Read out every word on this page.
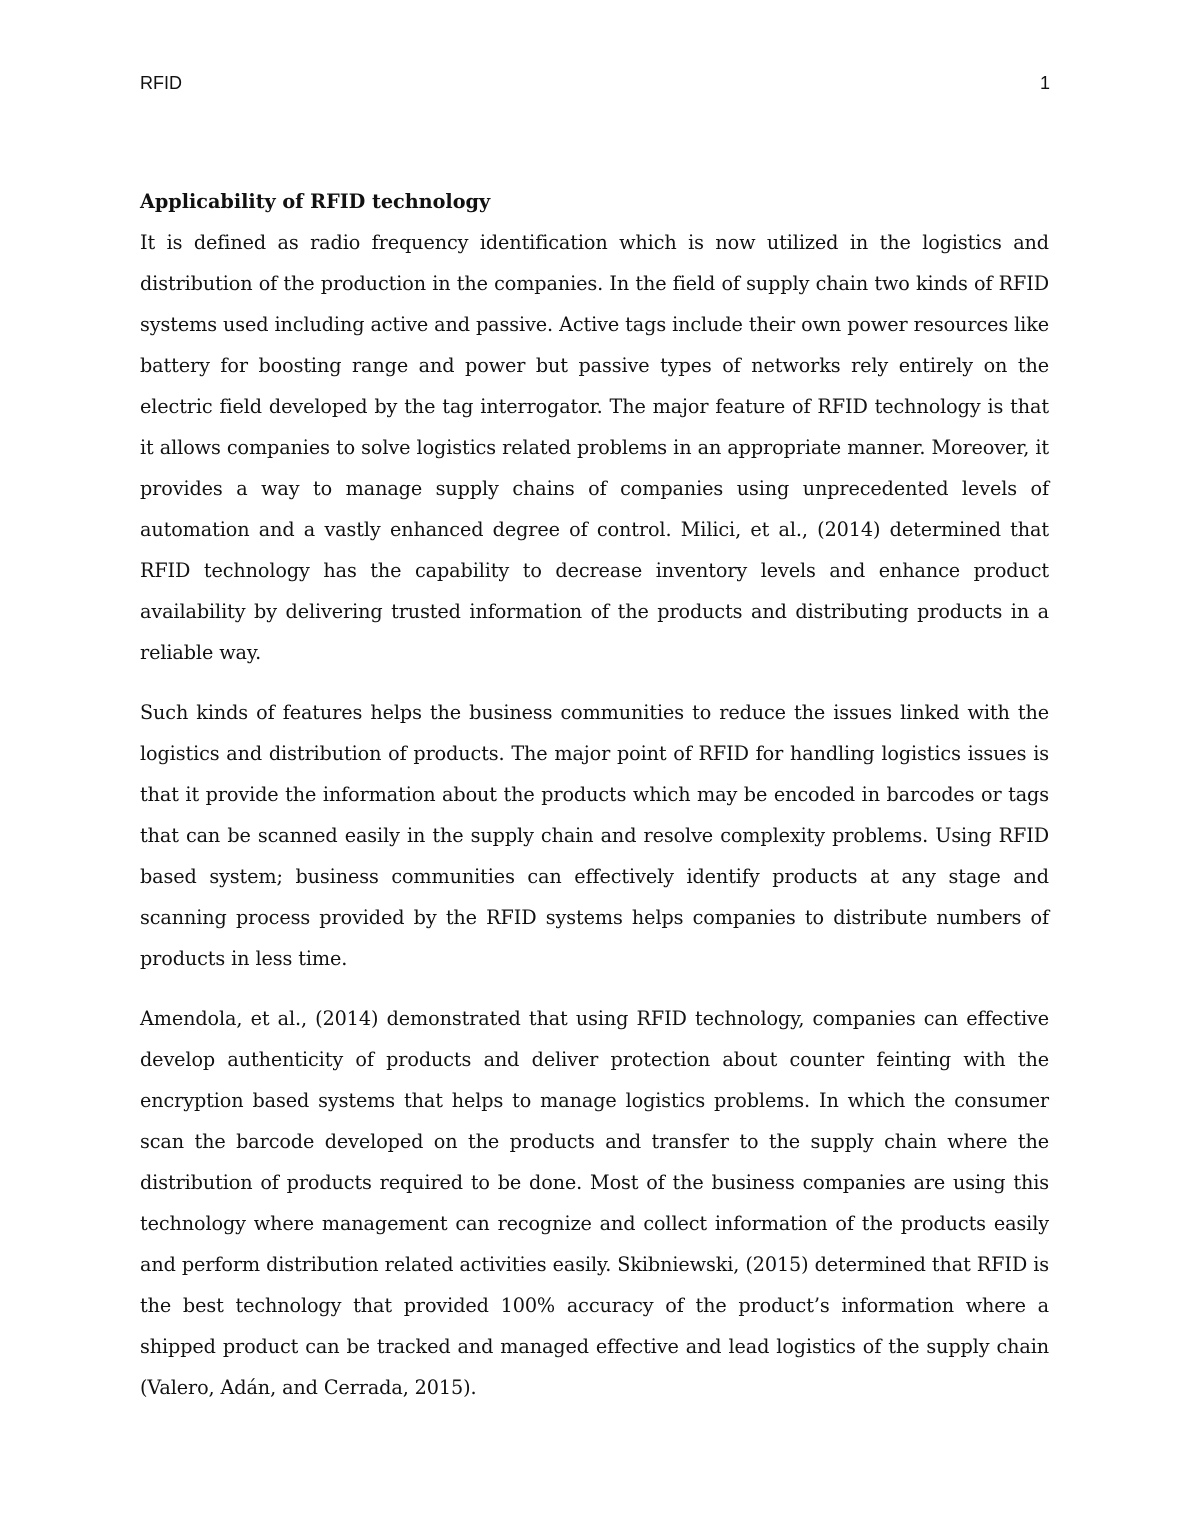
RFID	1
Applicability of RFID technology

It is defined as radio frequency identification which is now utilized in the logistics and distribution of the production in the companies. In the field of supply chain two kinds of RFID systems used including active and passive. Active tags include their own power resources like battery for boosting range and power but passive types of networks rely entirely on the electric field developed by the tag interrogator. The major feature of RFID technology is that it allows companies to solve logistics related problems in an appropriate manner. Moreover, it provides a way to manage supply chains of companies using unprecedented levels of automation and a vastly enhanced degree of control. Milici, et al., (2014) determined that RFID technology has the capability to decrease inventory levels and enhance product availability by delivering trusted information of the products and distributing products in a reliable way.

Such kinds of features helps the business communities to reduce the issues linked with the logistics and distribution of products. The major point of RFID for handling logistics issues is that it provide the information about the products which may be encoded in barcodes or tags that can be scanned easily in the supply chain and resolve complexity problems. Using RFID based system; business communities can effectively identify products at any stage and scanning process provided by the RFID systems helps companies to distribute numbers of products in less time.

Amendola, et al., (2014) demonstrated that using RFID technology, companies can effective develop authenticity of products and deliver protection about counter feinting with the encryption based systems that helps to manage logistics problems. In which the consumer scan the barcode developed on the products and transfer to the supply chain where the distribution of products required to be done. Most of the business companies are using this technology where management can recognize and collect information of the products easily and perform distribution related activities easily. Skibniewski, (2015) determined that RFID is the best technology that provided 100% accuracy of the product’s information where a shipped product can be tracked and managed effective and lead logistics of the supply chain (Valero, Adán, and Cerrada, 2015).
